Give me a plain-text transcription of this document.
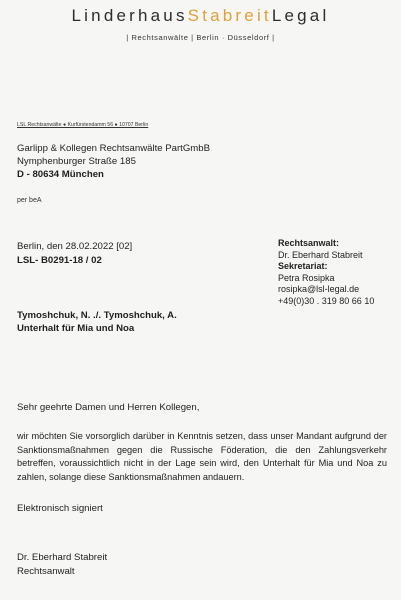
LinderhausStabreitLegal
| Rechtsanwälte | Berlin · Düsseldorf |
LSL Rechtsanwälte ● Kurfürstendamm 56 ● 10707 Berlin
Garlipp & Kollegen Rechtsanwälte PartGmbB
Nymphenburger Straße 185
D - 80634 München
per beA
Berlin, den 28.02.2022 [02]
LSL- B0291-18 / 02
Rechtsanwalt:
Dr. Eberhard Stabreit
Sekretariat:
Petra Rosipka
rosipka@lsl-legal.de
+49(0)30 . 319 80 66 10
Tymoshchuk, N. ./. Tymoshchuk, A.
Unterhalt für Mia und Noa
Sehr geehrte Damen und Herren Kollegen,
wir möchten Sie vorsorglich darüber in Kenntnis setzen, dass unser Mandant aufgrund der Sanktionsmaßnahmen gegen die Russische Föderation, die den Zahlungsverkehr betreffen, voraussichtlich nicht in der Lage sein wird, den Unterhalt für Mia und Noa zu zahlen, solange diese Sanktionsmaßnahmen andauern.
Elektronisch signiert
Dr. Eberhard Stabreit
Rechtsanwalt
